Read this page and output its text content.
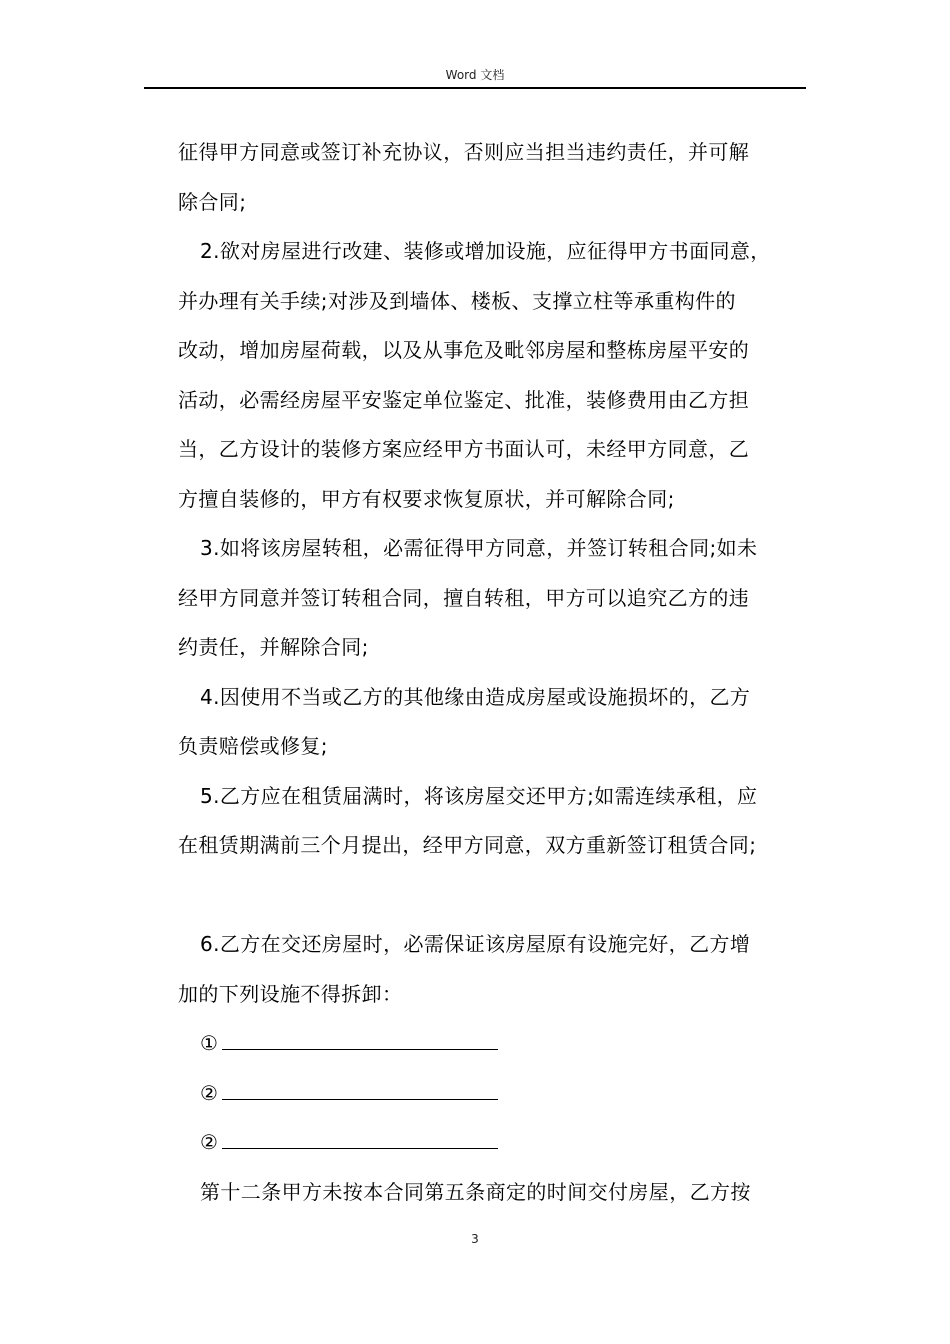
Word 文档
征得甲方同意或签订补充协议，否则应当担当违约责任，并可解
除合同;
2.欲对房屋进行改建、装修或增加设施，应征得甲方书面同意，
并办理有关手续;对涉及到墙体、楼板、支撑立柱等承重构件的
改动，增加房屋荷载，以及从事危及毗邻房屋和整栋房屋平安的
活动，必需经房屋平安鉴定单位鉴定、批准，装修费用由乙方担
当，乙方设计的装修方案应经甲方书面认可，未经甲方同意，乙
方擅自装修的，甲方有权要求恢复原状，并可解除合同;
3.如将该房屋转租，必需征得甲方同意，并签订转租合同;如未
经甲方同意并签订转租合同，擅自转租，甲方可以追究乙方的违
约责任，并解除合同;
4.因使用不当或乙方的其他缘由造成房屋或设施损坏的，乙方
负责赔偿或修复;
5.乙方应在租赁届满时，将该房屋交还甲方;如需连续承租，应
在租赁期满前三个月提出，经甲方同意，双方重新签订租赁合同;
6.乙方在交还房屋时，必需保证该房屋原有设施完好，乙方增
加的下列设施不得拆卸：
①
②
②
第十二条甲方未按本合同第五条商定的时间交付房屋，乙方按
3
